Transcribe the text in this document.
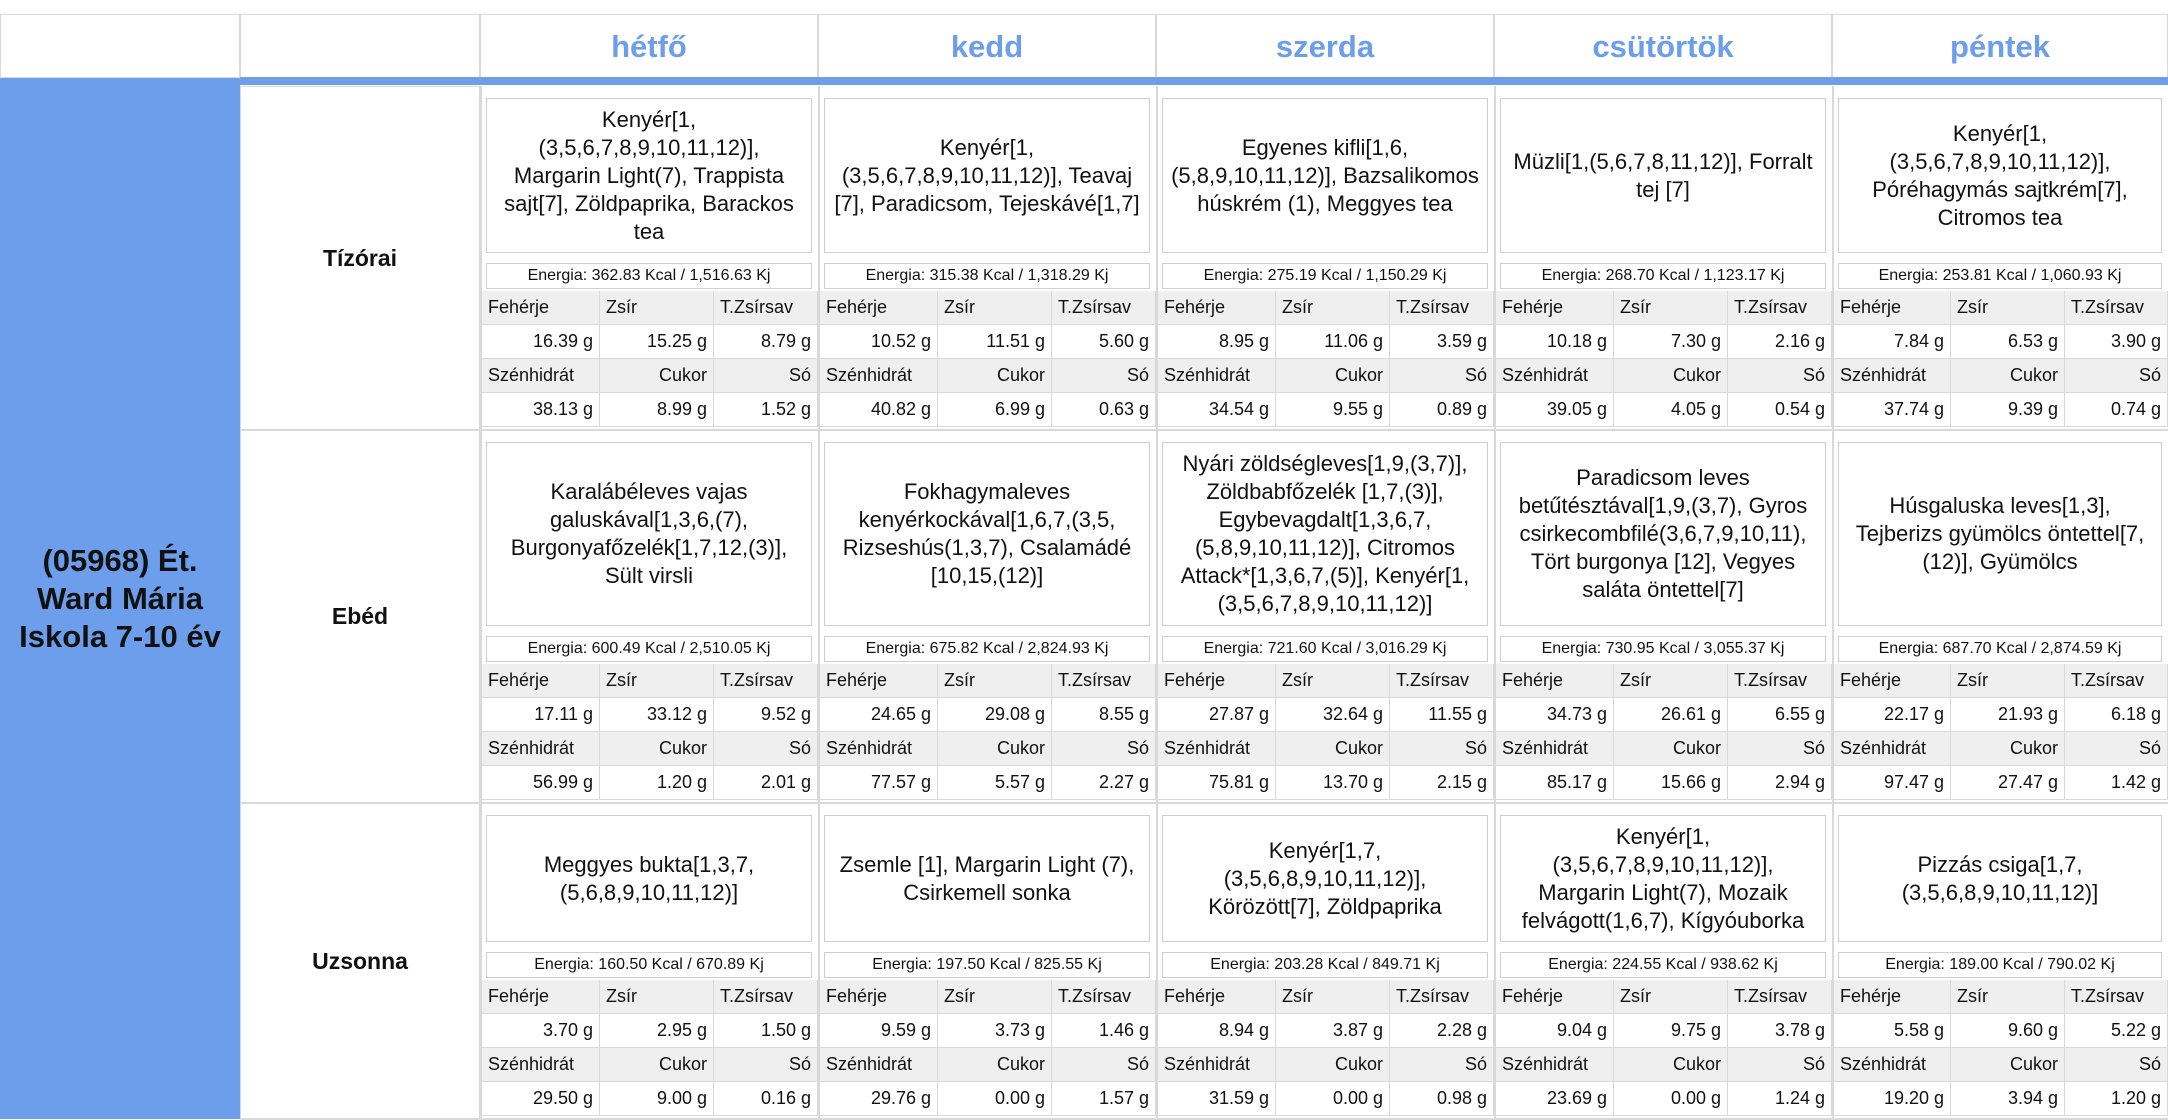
hétfő	kedd	szerda	csütörtök	péntek
(05968) Ét. Ward Mária Iskola 7-10 év
Tízórai
Kenyér[1, (3,5,6,7,8,9,10,11,12)], Margarin Light(7), Trappista sajt[7], Zöldpaprika, Barackos tea
Energia: 362.83 Kcal / 1,516.63 Kj
Fehérje	Zsír	T.Zsírsav
16.39 g	15.25 g	8.79 g
Szénhidrát	Cukor	Só
38.13 g	8.99 g	1.52 g
Kenyér[1, (3,5,6,7,8,9,10,11,12)], Teavaj [7], Paradicsom, Tejeskávé[1,7]
Energia: 315.38 Kcal / 1,318.29 Kj
Fehérje	Zsír	T.Zsírsav
10.52 g	11.51 g	5.60 g
Szénhidrát	Cukor	Só
40.82 g	6.99 g	0.63 g
Egyenes kifli[1,6, (5,8,9,10,11,12)], Bazsalikomos húskrém (1), Meggyes tea
Energia: 275.19 Kcal / 1,150.29 Kj
Fehérje	Zsír	T.Zsírsav
8.95 g	11.06 g	3.59 g
Szénhidrát	Cukor	Só
34.54 g	9.55 g	0.89 g
Müzli[1,(5,6,7,8,11,12)], Forralt tej [7]
Energia: 268.70 Kcal / 1,123.17 Kj
Fehérje	Zsír	T.Zsírsav
10.18 g	7.30 g	2.16 g
Szénhidrát	Cukor	Só
39.05 g	4.05 g	0.54 g
Kenyér[1, (3,5,6,7,8,9,10,11,12)], Póréhagymás sajtkrém[7], Citromos tea
Energia: 253.81 Kcal / 1,060.93 Kj
Fehérje	Zsír	T.Zsírsav
7.84 g	6.53 g	3.90 g
Szénhidrát	Cukor	Só
37.74 g	9.39 g	0.74 g
Ebéd
Karalábéleves vajas galuskával[1,3,6,(7), Burgonyafőzelék[1,7,12,(3)], Sült virsli
Energia: 600.49 Kcal / 2,510.05 Kj
Fehérje	Zsír	T.Zsírsav
17.11 g	33.12 g	9.52 g
Szénhidrát	Cukor	Só
56.99 g	1.20 g	2.01 g
Fokhagymaleves kenyérkockával[1,6,7,(3,5, Rizseshús(1,3,7), Csalamádé [10,15,(12)]
Energia: 675.82 Kcal / 2,824.93 Kj
Fehérje	Zsír	T.Zsírsav
24.65 g	29.08 g	8.55 g
Szénhidrát	Cukor	Só
77.57 g	5.57 g	2.27 g
Nyári zöldségleves[1,9,(3,7)], Zöldbabfőzelék [1,7,(3)], Egybevagdalt[1,3,6,7, (5,8,9,10,11,12)], Citromos Attack*[1,3,6,7,(5)], Kenyér[1, (3,5,6,7,8,9,10,11,12)]
Energia: 721.60 Kcal / 3,016.29 Kj
Fehérje	Zsír	T.Zsírsav
27.87 g	32.64 g	11.55 g
Szénhidrát	Cukor	Só
75.81 g	13.70 g	2.15 g
Paradicsom leves betűtésztával[1,9,(3,7), Gyros csirkecombfilé(3,6,7,9,10,11), Tört burgonya [12], Vegyes saláta öntettel[7]
Energia: 730.95 Kcal / 3,055.37 Kj
Fehérje	Zsír	T.Zsírsav
34.73 g	26.61 g	6.55 g
Szénhidrát	Cukor	Só
85.17 g	15.66 g	2.94 g
Húsgaluska leves[1,3], Tejberizs gyümölcs öntettel[7,(12)], Gyümölcs
Energia: 687.70 Kcal / 2,874.59 Kj
Fehérje	Zsír	T.Zsírsav
22.17 g	21.93 g	6.18 g
Szénhidrát	Cukor	Só
97.47 g	27.47 g	1.42 g
Uzsonna
Meggyes bukta[1,3,7, (5,6,8,9,10,11,12)]
Energia: 160.50 Kcal / 670.89 Kj
Fehérje	Zsír	T.Zsírsav
3.70 g	2.95 g	1.50 g
Szénhidrát	Cukor	Só
29.50 g	9.00 g	0.16 g
Zsemle [1], Margarin Light (7), Csirkemell sonka
Energia: 197.50 Kcal / 825.55 Kj
Fehérje	Zsír	T.Zsírsav
9.59 g	3.73 g	1.46 g
Szénhidrát	Cukor	Só
29.76 g	0.00 g	1.57 g
Kenyér[1,7, (3,5,6,8,9,10,11,12)], Körözött[7], Zöldpaprika
Energia: 203.28 Kcal / 849.71 Kj
Fehérje	Zsír	T.Zsírsav
8.94 g	3.87 g	2.28 g
Szénhidrát	Cukor	Só
31.59 g	0.00 g	0.98 g
Kenyér[1, (3,5,6,7,8,9,10,11,12)], Margarin Light(7), Mozaik felvágott(1,6,7), Kígyóuborka
Energia: 224.55 Kcal / 938.62 Kj
Fehérje	Zsír	T.Zsírsav
9.04 g	9.75 g	3.78 g
Szénhidrát	Cukor	Só
23.69 g	0.00 g	1.24 g
Pizzás csiga[1,7, (3,5,6,8,9,10,11,12)]
Energia: 189.00 Kcal / 790.02 Kj
Fehérje	Zsír	T.Zsírsav
5.58 g	9.60 g	5.22 g
Szénhidrát	Cukor	Só
19.20 g	3.94 g	1.20 g
